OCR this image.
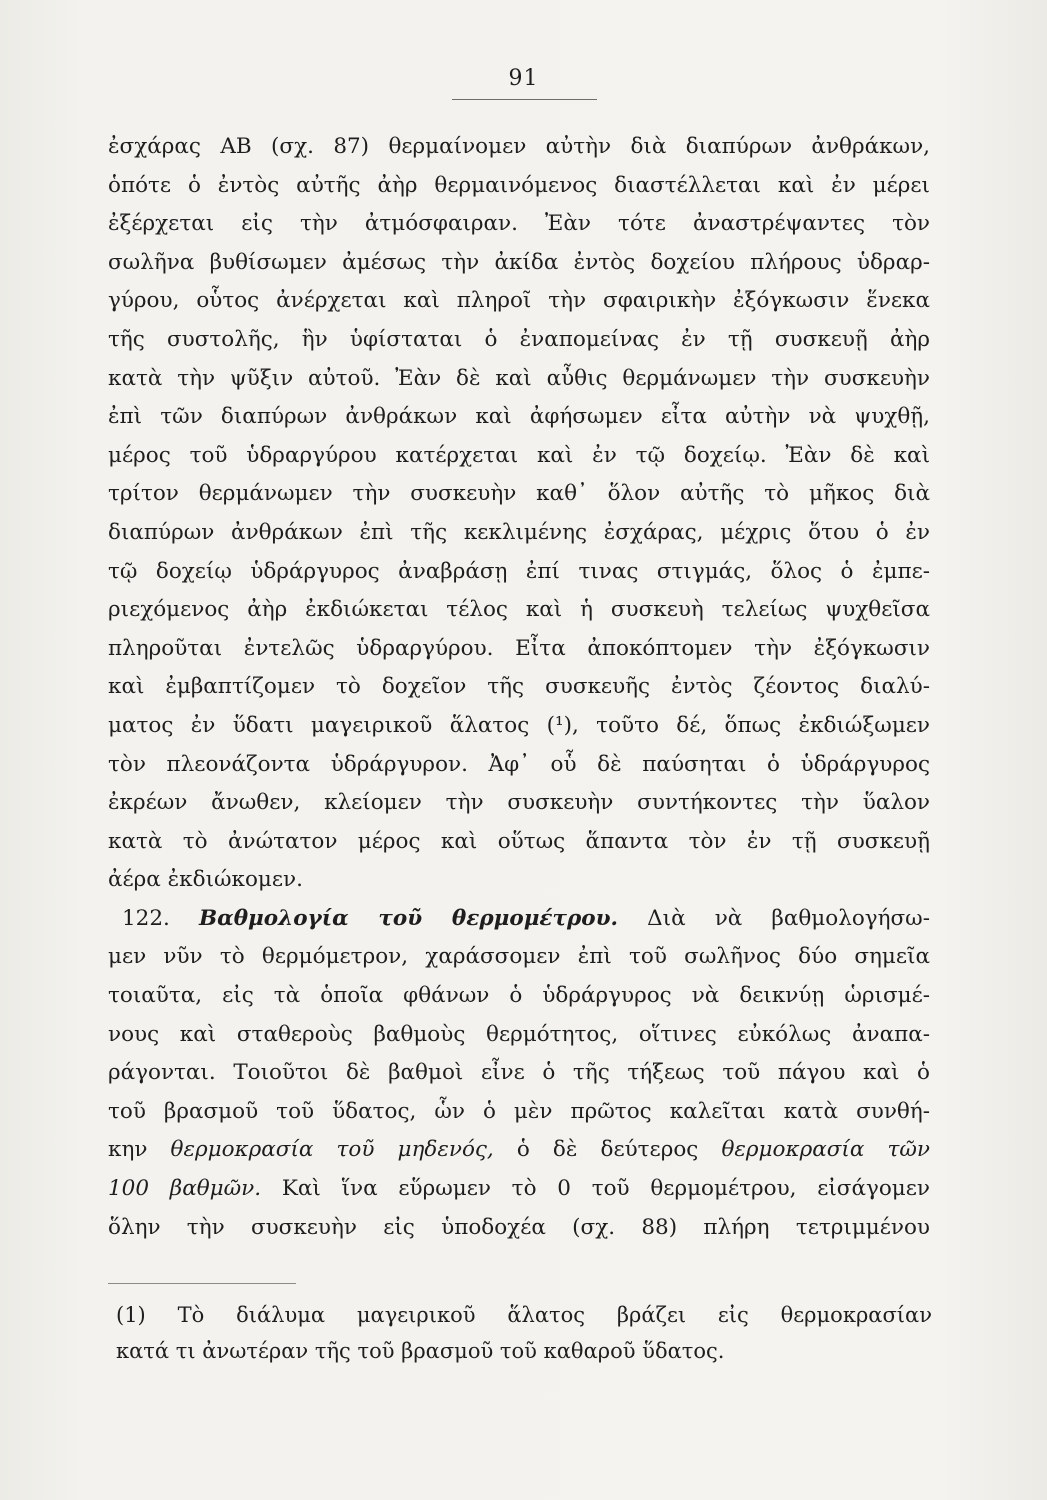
91
ἐσχάρας ΑΒ (σχ. 87) θερμαίνομεν αὐτὴν διὰ διαπύρων ἀνθράκων,
ὁπότε ὁ ἐντὸς αὐτῆς ἀὴρ θερμαινόμενος διαστέλλεται καὶ ἐν μέρει
ἐξέρχεται εἰς τὴν ἀτμόσφαιραν. Ἐὰν τότε ἀναστρέψαντες τὸν
σωλῆνα βυθίσωμεν ἀμέσως τὴν ἀκίδα ἐντὸς δοχείου πλήρους ὑδραρ-
γύρου, οὗτος ἀνέρχεται καὶ πληροῖ τὴν σφαιρικὴν ἐξόγκωσιν ἕνεκα
τῆς συστολῆς, ἣν ὑφίσταται ὁ ἐναπομείνας ἐν τῇ συσκευῇ ἀὴρ
κατὰ τὴν ψῦξιν αὐτοῦ. Ἐὰν δὲ καὶ αὖθις θερμάνωμεν τὴν συσκευὴν
ἐπὶ τῶν διαπύρων ἀνθράκων καὶ ἀφήσωμεν εἶτα αὐτὴν νὰ ψυχθῇ,
μέρος τοῦ ὑδραργύρου κατέρχεται καὶ ἐν τῷ δοχείῳ. Ἐὰν δὲ καὶ
τρίτον θερμάνωμεν τὴν συσκευὴν καθ᾽ ὅλον αὐτῆς τὸ μῆκος διὰ
διαπύρων ἀνθράκων ἐπὶ τῆς κεκλιμένης ἐσχάρας, μέχρις ὅτου ὁ ἐν
τῷ δοχείῳ ὑδράργυρος ἀναβράσῃ ἐπί τινας στιγμάς, ὅλος ὁ ἐμπε-
ριεχόμενος ἀὴρ ἐκδιώκεται τέλος καὶ ἡ συσκευὴ τελείως ψυχθεῖσα
πληροῦται ἐντελῶς ὑδραργύρου. Εἶτα ἀποκόπτομεν τὴν ἐξόγκωσιν
καὶ ἐμβαπτίζομεν τὸ δοχεῖον τῆς συσκευῆς ἐντὸς ζέοντος διαλύ-
ματος ἐν ὕδατι μαγειρικοῦ ἅλατος (¹), τοῦτο δέ, ὅπως ἐκδιώξωμεν
τὸν πλεονάζοντα ὑδράργυρον. Ἀφ᾽ οὗ δὲ παύσηται ὁ ὑδράργυρος
ἐκρέων ἄνωθεν, κλείομεν τὴν συσκευὴν συντήκοντες τὴν ὕαλον
κατὰ τὸ ἀνώτατον μέρος καὶ οὕτως ἅπαντα τὸν ἐν τῇ συσκευῇ
ἀέρα ἐκδιώκομεν.
122. Βαθμολογία τοῦ θερμομέτρου. Διὰ νὰ βαθμολογήσω-
μεν νῦν τὸ θερμόμετρον, χαράσσομεν ἐπὶ τοῦ σωλῆνος δύο σημεῖα
τοιαῦτα, εἰς τὰ ὁποῖα φθάνων ὁ ὑδράργυρος νὰ δεικνύῃ ὡρισμέ-
νους καὶ σταθεροὺς βαθμοὺς θερμότητος, οἵτινες εὐκόλως ἀναπα-
ράγονται. Τοιοῦτοι δὲ βαθμοὶ εἶνε ὁ τῆς τήξεως τοῦ πάγου καὶ ὁ
τοῦ βρασμοῦ τοῦ ὕδατος, ὧν ὁ μὲν πρῶτος καλεῖται κατὰ συνθή-
κην θερμοκρασία τοῦ μηδενός, ὁ δὲ δεύτερος θερμοκρασία τῶν
100 βαθμῶν. Καὶ ἵνα εὕρωμεν τὸ 0 τοῦ θερμομέτρου, εἰσάγομεν
ὅλην τὴν συσκευὴν εἰς ὑποδοχέα (σχ. 88) πλήρη τετριμμένου
(1) Τὸ διάλυμα μαγειρικοῦ ἅλατος βράζει εἰς θερμοκρασίαν
κατά τι ἀνωτέραν τῆς τοῦ βρασμοῦ τοῦ καθαροῦ ὕδατος.
